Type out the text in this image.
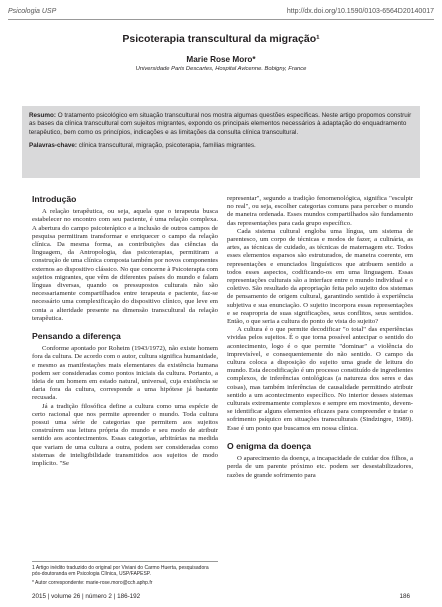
Psicologia USP	http://dx.doi.org/10.1590/0103-6564D20140017
Psicoterapia transcultural da migração¹
Marie Rose Moro*
Universidade Paris Descartes, Hospital Avicenne. Bobigny, France

Resumo: O tratamento psicológico em situação transcultural nos mostra algumas questões específicas. Neste artigo propomos construir as bases da clínica transcultural com sujeitos migrantes, expondo os principais elementos necessários à adaptação do enquadramento terapêutico, bem como os princípios, indicações e as limitações da consulta clínica transcultural.

Palavras-chave: clínica transcultural, migração, psicoterapia, famílias migrantes.

Introdução

A relação terapêutica, ou seja, aquela que o terapeuta busca estabelecer no encontro com seu paciente, é uma relação complexa. A abertura do campo psicoterápico e a inclusão de outros campos de pesquisa permitiram transformar e enriquecer o campo da relação clínica. Da mesma forma, as contribuições das ciências da linguagem, da Antropologia, das psicoterapias, permitiram a construção de uma clínica composta também por novos componentes externos ao dispositivo clássico. No que concerne à Psicoterapia com sujeitos migrantes, que vêm de diferentes países do mundo e falam línguas diversas, quando os pressupostos culturais não são necessariamente compartilhados entre terapeuta e paciente, faz-se necessário uma complexificação do dispositivo clínico, que leve em conta a alteridade presente na dimensão transcultural da relação terapêutica.

Pensando a diferença

Conforme apontado por Roheim (1943/1972), não existe homem fora da cultura. De acordo com o autor, cultura significa humanidade, e mesmo as manifestações mais elementares da existência humana podem ser consideradas como pontos iniciais da cultura. Portanto, a ideia de um homem em estado natural, universal, cuja existência se daria fora da cultura, corresponde a uma hipótese já bastante recusada.

Já a tradição filosófica define a cultura como uma espécie de certo racional que nos permite apreender o mundo. Toda cultura possui uma série de categorias que permitem aos sujeitos construírem sua leitura própria do mundo e seu modo de atribuir sentido aos acontecimentos. Essas categorias, arbitrárias na medida que variam de uma cultura a outra, podem ser consideradas como sistemas de inteligibilidade transmitidos aos sujeitos de modo implícito. "Se

representar", segundo a tradição fenomenológica, significa "esculpir no real", ou seja, escolher categorias comuns para perceber o mundo de maneira ordenada. Esses mundos compartilhados são fundamento das representações para cada grupo específico.

Cada sistema cultural engloba uma língua, um sistema de parentesco, um corpo de técnicas e modos de fazer, a culinária, as artes, as técnicas de cuidado, as técnicas de maternagem etc. Todos esses elementos esparsos são estruturados, de maneira coerente, em representações e enunciados linguísticos que atribuem sentido a todos esses aspectos, codificando-os em uma linguagem. Essas representações culturais são a interface entre o mundo individual e o coletivo. São resultado da apropriação feita pelo sujeito dos sistemas de pensamento de origem cultural, garantindo sentido à experiência subjetiva e sua enunciação. O sujeito incorpora essas representações e se reapropria de suas significações, seus conflitos, seus sentidos. Então, o que seria a cultura do ponto de vista do sujeito?

A cultura é o que permite decodificar "o total" das experiências vividas pelos sujeitos. É o que torna possível antecipar o sentido do acontecimento, logo é o que permite "dominar" a violência do imprevisível, e consequentemente do não sentido. O campo da cultura coloca a disposição do sujeito uma grade de leitura do mundo. Esta decodificação é um processo constituído de ingredientes complexos, de inferências ontológicas (a natureza dos seres e das coisas), mas também inferências de causalidade permitindo atribuir sentido a um acontecimento específico. No interior desses sistemas culturais extremamente complexos e sempre em movimento, devem-se identificar alguns elementos eficazes para compreender e tratar o sofrimento psíquico em situações transculturais (Sindzingre, 1989). Esse é um ponto que buscamos em nossa clínica.

O enigma da doença

O aparecimento da doença, a incapacidade de cuidar dos filhos, a perda de um parente próximo etc. podem ser desestabilizadores, razões de grande sofrimento para

1 Artigo inédito traduzido do original por Viviani do Carmo Huerta, pesquisadora pós-doutoranda em Psicologia Clínica, USP/FAPESP.

* Autor correspondente: marie-rose.moro@cch.aphp.fr

2015 | volume 26 | número 2 | 186-192	186
